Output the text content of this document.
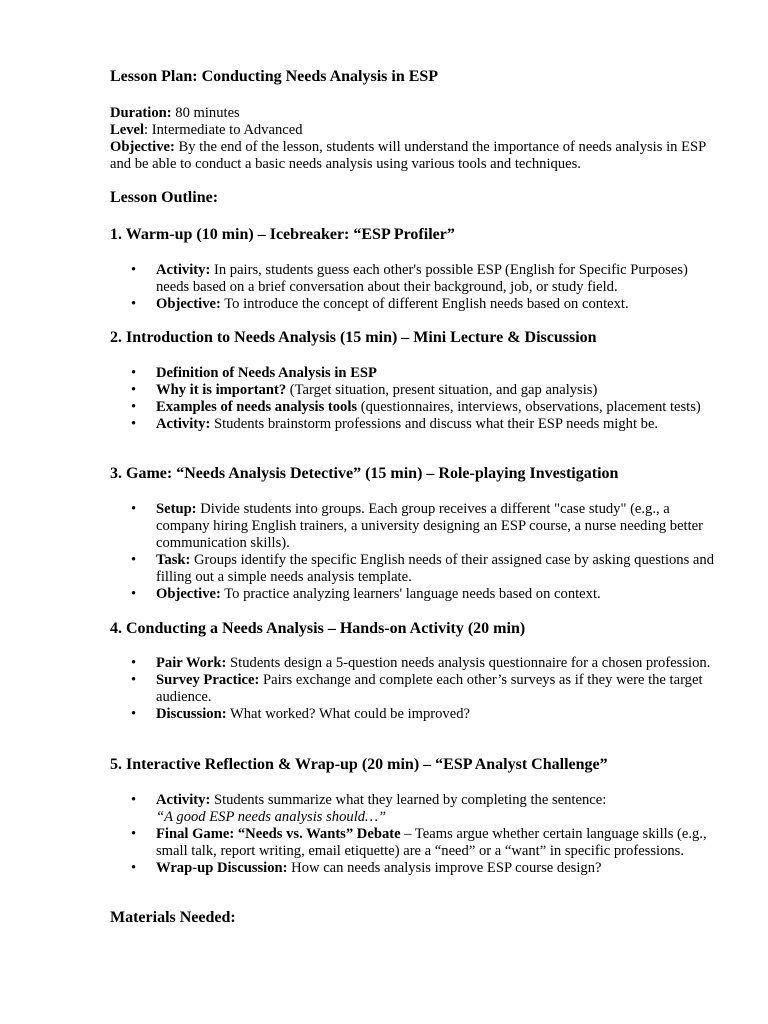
Lesson Plan: Conducting Needs Analysis in ESP

Duration: 80 minutes

Level: Intermediate to Advanced

Objective: By the end of the lesson, students will understand the importance of needs analysis in ESP and be able to conduct a basic needs analysis using various tools and techniques.

Lesson Outline:
1. Warm-up (10 min) – Icebreaker: “ESP Profiler”
• Activity: In pairs, students guess each other's possible ESP (English for Specific Purposes) needs based on a brief conversation about their background, job, or study field.
• Objective: To introduce the concept of different English needs based on context.
2. Introduction to Needs Analysis (15 min) – Mini Lecture & Discussion
• Definition of Needs Analysis in ESP
• Why it is important? (Target situation, present situation, and gap analysis)
• Examples of needs analysis tools (questionnaires, interviews, observations, placement tests)
• Activity: Students brainstorm professions and discuss what their ESP needs might be.
3. Game: “Needs Analysis Detective” (15 min) – Role-playing Investigation
• Setup: Divide students into groups. Each group receives a different "case study" (e.g., a company hiring English trainers, a university designing an ESP course, a nurse needing better communication skills).
• Task: Groups identify the specific English needs of their assigned case by asking questions and filling out a simple needs analysis template.
• Objective: To practice analyzing learners' language needs based on context.
4. Conducting a Needs Analysis – Hands-on Activity (20 min)
• Pair Work: Students design a 5-question needs analysis questionnaire for a chosen profession.
• Survey Practice: Pairs exchange and complete each other’s surveys as if they were the target audience.
• Discussion: What worked? What could be improved?
5. Interactive Reflection & Wrap-up (20 min) – “ESP Analyst Challenge”
• Activity: Students summarize what they learned by completing the sentence:
“A good ESP needs analysis should…”
• Final Game: “Needs vs. Wants” Debate – Teams argue whether certain language skills (e.g., small talk, report writing, email etiquette) are a “need” or a “want” in specific professions.
• Wrap-up Discussion: How can needs analysis improve ESP course design?
Materials Needed:
